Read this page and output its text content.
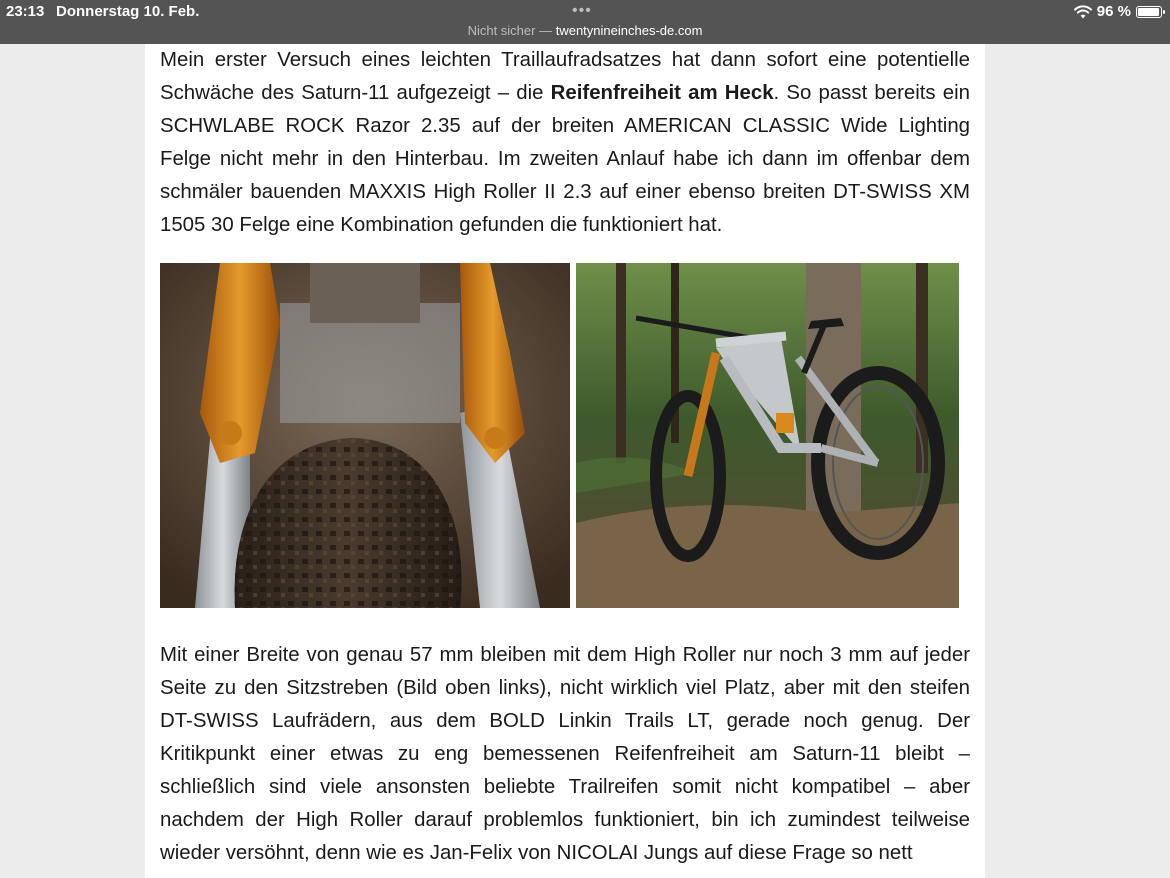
23:13 Donnerstag 10. Feb.	•••
Nicht sicher — twentynineinches-de.com
96 %

Mein erster Versuch eines leichten Traillaufradsatzes hat dann sofort eine potentielle Schwäche des Saturn-11 aufgezeigt – die Reifenfreiheit am Heck. So passt bereits ein SCHWLABE ROCK Razor 2.35 auf der breiten AMERICAN CLASSIC Wide Lighting Felge nicht mehr in den Hinterbau. Im zweiten Anlauf habe ich dann im offenbar dem schmäler bauenden MAXXIS High Roller II 2.3 auf einer ebenso breiten DT-SWISS XM 1505 30 Felge eine Kombination gefunden die funktioniert hat.

Mit einer Breite von genau 57 mm bleiben mit dem High Roller nur noch 3 mm auf jeder Seite zu den Sitzstreben (Bild oben links), nicht wirklich viel Platz, aber mit den steifen DT-SWISS Laufrädern, aus dem BOLD Linkin Trails LT, gerade noch genug. Der Kritikpunkt einer etwas zu eng bemessenen Reifenfreiheit am Saturn-11 bleibt – schließlich sind viele ansonsten beliebte Trailreifen somit nicht kompatibel – aber nachdem der High Roller darauf problemlos funktioniert, bin ich zumindest teilweise wieder versöhnt, denn wie es Jan-Felix von NICOLAI Jungs auf diese Frage so nett
